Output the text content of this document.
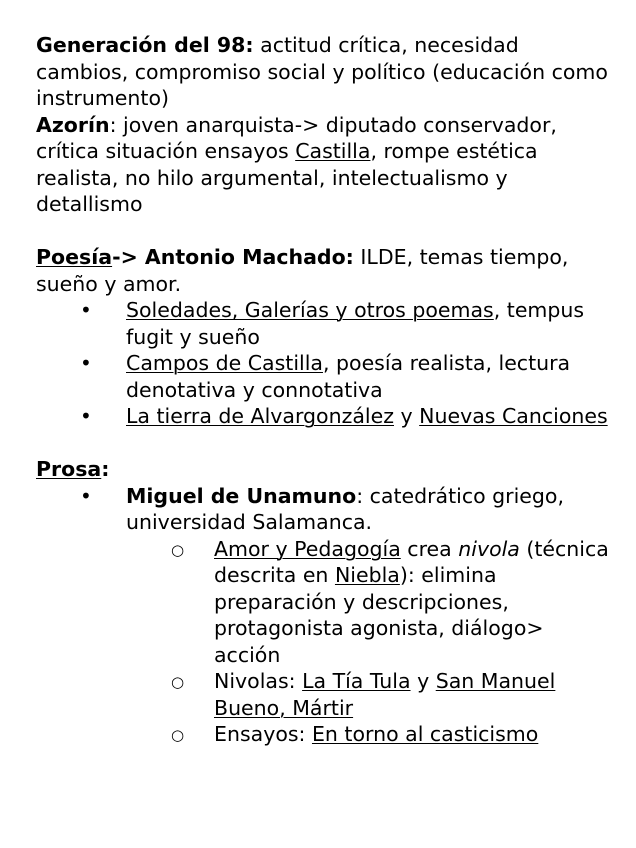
Generación del 98: actitud crítica, necesidad cambios, compromiso social y político (educación como instrumento)

Azorín: joven anarquista-> diputado conservador, crítica situación ensayos Castilla, rompe estética realista, no hilo argumental, intelectualismo y detallismo

Poesía-> Antonio Machado: ILDE, temas tiempo, sueño y amor.

• Soledades, Galerías y otros poemas, tempus fugit y sueño
• Campos de Castilla, poesía realista, lectura denotativa y connotativa
• La tierra de Alvargonzález y Nuevas Canciones

Prosa:

• Miguel de Unamuno: catedrático griego, universidad Salamanca.
○ Amor y Pedagogía crea nivola (técnica descrita en Niebla): elimina preparación y descripciones, protagonista agonista, diálogo> acción
○ Nivolas: La Tía Tula y San Manuel Bueno, Mártir
○ Ensayos: En torno al casticismo
